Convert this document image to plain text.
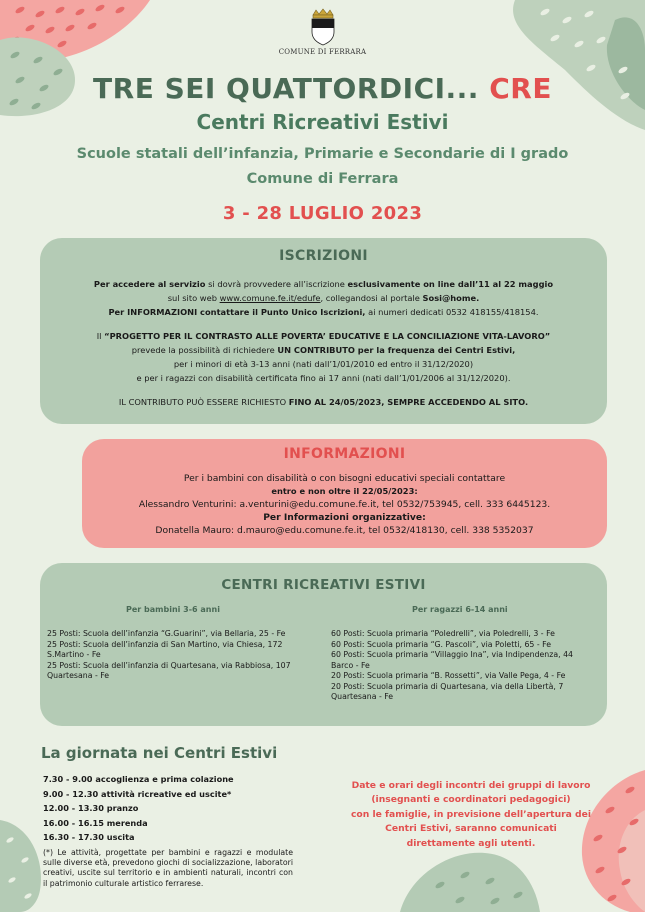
COMUNE DI FERRARA
TRE SEI QUATTORDICI... CRE
Centri Ricreativi Estivi
Scuole statali dell’infanzia, Primarie e Secondarie di I grado
Comune di Ferrara
3 - 28 LUGLIO 2023
ISCRIZIONI
Per accedere al servizio si dovrà provvedere all’iscrizione esclusivamente on line dall’11 al 22 maggio
sul sito web www.comune.fe.it/edufe, collegandosi al portale Sosi@home.
Per INFORMAZIONI contattare il Punto Unico Iscrizioni, ai numeri dedicati 0532 418155/418154.
Il “PROGETTO PER IL CONTRASTO ALLE POVERTA’ EDUCATIVE E LA CONCILIAZIONE VITA-LAVORO”
prevede la possibilità di richiedere UN CONTRIBUTO per la frequenza dei Centri Estivi,
per i minori di età 3-13 anni (nati dall’1/01/2010 ed entro il 31/12/2020)
e per i ragazzi con disabilità certificata fino ai 17 anni (nati dall’1/01/2006 al 31/12/2020).
IL CONTRIBUTO PUÒ ESSERE RICHIESTO FINO AL 24/05/2023, SEMPRE ACCEDENDO AL SITO.
INFORMAZIONI
Per i bambini con disabilità o con bisogni educativi speciali contattare
entro e non oltre il 22/05/2023:
Alessandro Venturini: a.venturini@edu.comune.fe.it, tel 0532/753945, cell. 333 6445123.
Per Informazioni organizzative:
Donatella Mauro: d.mauro@edu.comune.fe.it, tel 0532/418130, cell. 338 5352037
CENTRI RICREATIVI ESTIVI
Per bambini 3-6 anni	Per ragazzi 6-14 anni
25 Posti: Scuola dell’infanzia “G.Guarini”, via Bellaria, 25 - Fe
25 Posti: Scuola dell’infanzia di San Martino, via Chiesa, 172
S.Martino - Fe
25 Posti: Scuola dell’infanzia di Quartesana, via Rabbiosa, 107
Quartesana - Fe
60 Posti: Scuola primaria “Poledrelli”, via Poledrelli, 3 - Fe
60 Posti: Scuola primaria “G. Pascoli”, via Poletti, 65 - Fe
60 Posti: Scuola primaria “Villaggio Ina”, via Indipendenza, 44
Barco - Fe
20 Posti: Scuola primaria “B. Rossetti”, via Valle Pega, 4 - Fe
20 Posti: Scuola primaria di Quartesana, via della Libertà, 7
Quartesana - Fe
La giornata nei Centri Estivi
7.30 - 9.00 accoglienza e prima colazione
9.00 - 12.30 attività ricreative ed uscite*
12.00 - 13.30 pranzo
16.00 - 16.15 merenda
16.30 - 17.30 uscita
(*) Le attività, progettate per bambini e ragazzi e modulate sulle diverse età, prevedono giochi di socializzazione, laboratori creativi, uscite sul territorio e in ambienti naturali, incontri con il patrimonio culturale artistico ferrarese.
Date e orari degli incontri dei gruppi di lavoro
(insegnanti e coordinatori pedagogici)
con le famiglie, in previsione dell’apertura dei
Centri Estivi, saranno comunicati
direttamente agli utenti.
